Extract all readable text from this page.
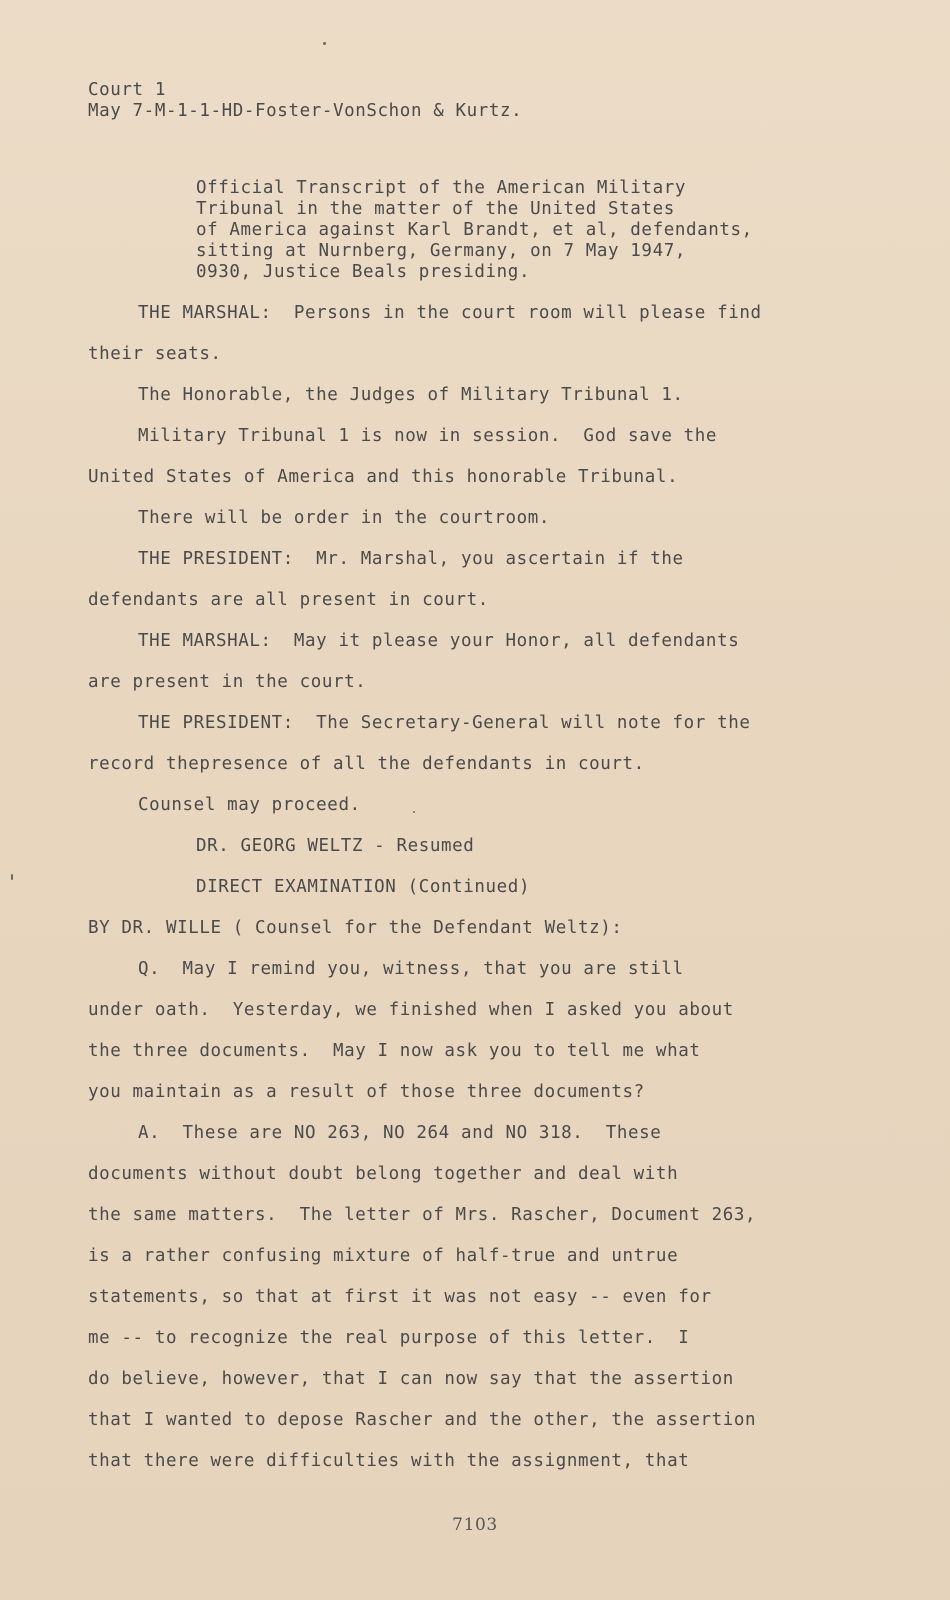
Court 1
May 7-M-1-1-HD-Foster-VonSchon & Kurtz.
Official Transcript of the American Military
Tribunal in the matter of the United States
of America against Karl Brandt, et al, defendants,
sitting at Nurnberg, Germany, on 7 May 1947,
0930, Justice Beals presiding.
THE MARSHAL:  Persons in the court room will please find
their seats.
The Honorable, the Judges of Military Tribunal 1.
Military Tribunal 1 is now in session.  God save the
United States of America and this honorable Tribunal.
There will be order in the courtroom.
THE PRESIDENT:  Mr. Marshal, you ascertain if the
defendants are all present in court.
THE MARSHAL:  May it please your Honor, all defendants
are present in the court.
THE PRESIDENT:  The Secretary-General will note for the
record thepresence of all the defendants in court.
Counsel may proceed.
DR. GEORG WELTZ - Resumed
DIRECT EXAMINATION (Continued)
BY DR. WILLE ( Counsel for the Defendant Weltz):
Q.  May I remind you, witness, that you are still
under oath.  Yesterday, we finished when I asked you about
the three documents.  May I now ask you to tell me what
you maintain as a result of those three documents?
A.  These are NO 263, NO 264 and NO 318.  These
documents without doubt belong together and deal with
the same matters.  The letter of Mrs. Rascher, Document 263,
is a rather confusing mixture of half-true and untrue
statements, so that at first it was not easy -- even for
me -- to recognize the real purpose of this letter.  I
do believe, however, that I can now say that the assertion
that I wanted to depose Rascher and the other, the assertion
that there were difficulties with the assignment, that
7103
